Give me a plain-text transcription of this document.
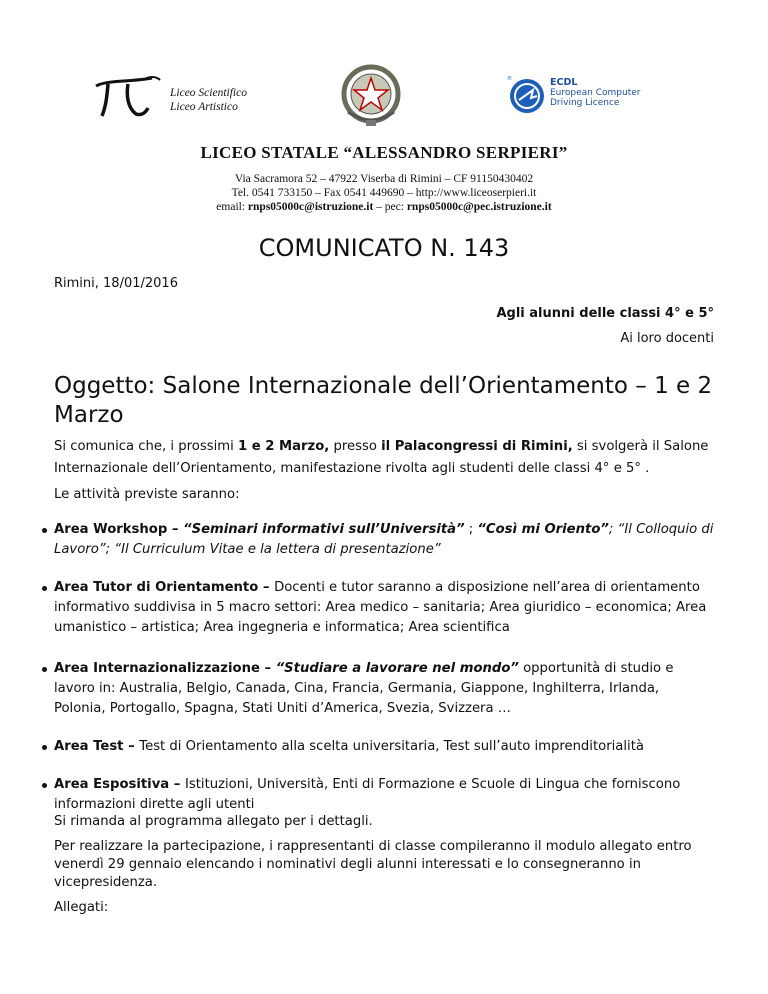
Liceo Scientifico
Liceo Artistico
®	ECDL
European Computer
Driving Licence
LICEO STATALE “ALESSANDRO SERPIERI”
Via Sacramora 52 – 47922 Viserba di Rimini – CF 91150430402
Tel. 0541 733150 – Fax 0541 449690 – http://www.liceoserpieri.it
email: rnps05000c@istruzione.it – pec: rnps05000c@pec.istruzione.it
COMUNICATO N. 143
Rimini, 18/01/2016
Agli alunni delle classi 4° e 5°
Ai loro docenti
Oggetto: Salone Internazionale dell’Orientamento – 1 e 2 Marzo
Si comunica che, i prossimi 1 e 2 Marzo, presso il Palacongressi di Rimini, si svolgerà il Salone Internazionale dell’Orientamento, manifestazione rivolta agli studenti delle classi 4° e 5° .
Le attività previste saranno:
Area Workshop – “Seminari informativi sull’Università” ; “Così mi Oriento”; “Il Colloquio di Lavoro”; “Il Curriculum Vitae e la lettera di presentazione”
Area Tutor di Orientamento – Docenti e tutor saranno a disposizione nell’area di orientamento informativo suddivisa in 5 macro settori: Area medico – sanitaria; Area giuridico – economica; Area umanistico – artistica; Area ingegneria e informatica; Area scientifica
Area Internazionalizzazione – “Studiare a lavorare nel mondo” opportunità di studio e lavoro in: Australia, Belgio, Canada, Cina, Francia, Germania, Giappone, Inghilterra, Irlanda, Polonia, Portogallo, Spagna, Stati Uniti d’America, Svezia, Svizzera …
Area Test – Test di Orientamento alla scelta universitaria, Test sull’auto imprenditorialità
Area Espositiva – Istituzioni, Università, Enti di Formazione e Scuole di Lingua che forniscono informazioni dirette agli utenti
Si rimanda al programma allegato per i dettagli.
Per realizzare la partecipazione, i rappresentanti di classe compileranno il modulo allegato entro venerdì 29 gennaio elencando i nominativi degli alunni interessati e lo consegneranno in vicepresidenza.
Allegati:
